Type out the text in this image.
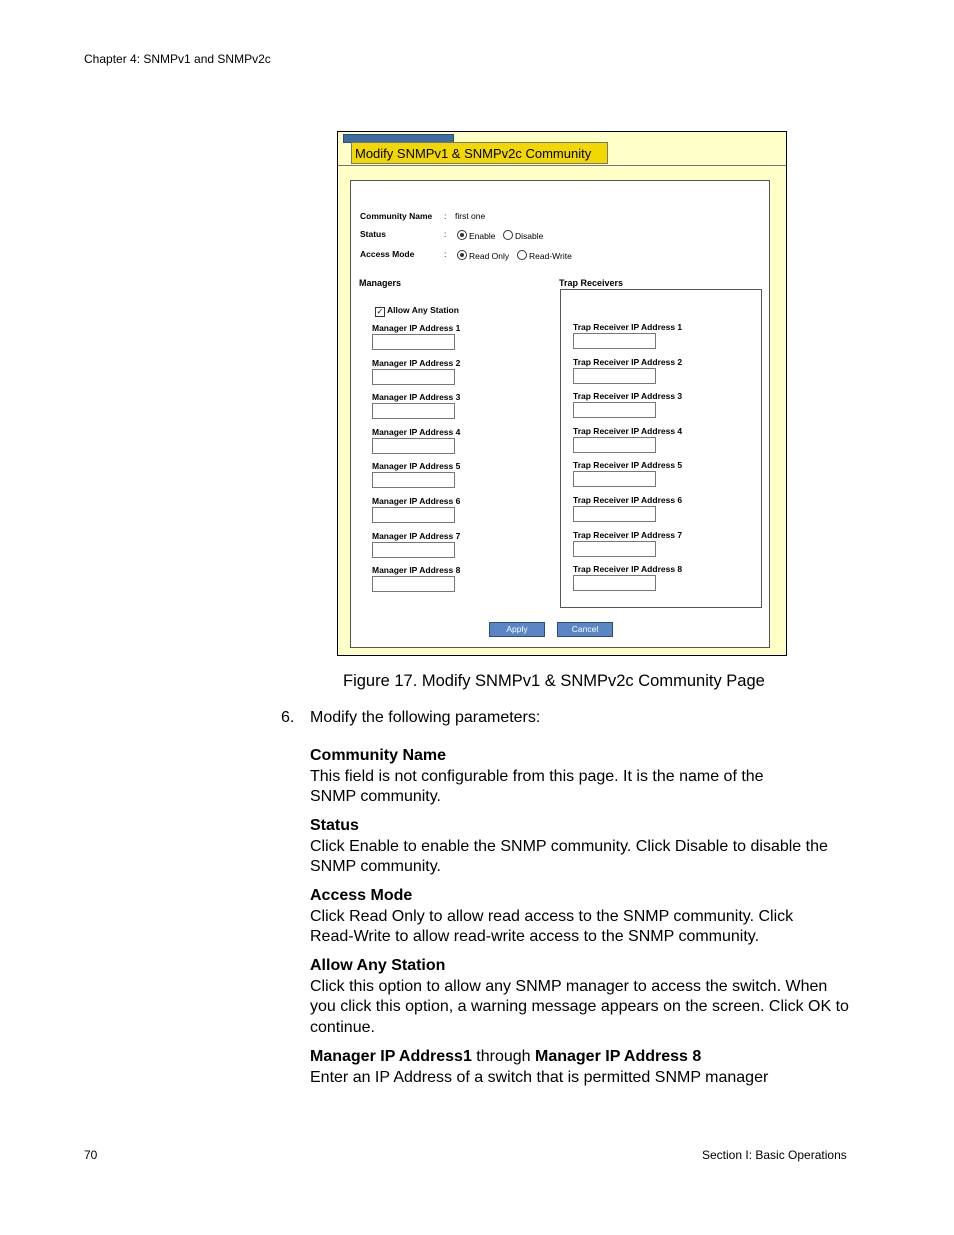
Chapter 4: SNMPv1 and SNMPv2c
Modify SNMPv1 & SNMPv2c Community
Community Name : first one
Status	:	Enable	Disable
Access Mode	:	Read Only	Read-Write
Managers	Trap Receivers
✓ Allow Any Station
Manager IP Address 1
Manager IP Address 2
Manager IP Address 3
Manager IP Address 4
Manager IP Address 5
Manager IP Address 6
Manager IP Address 7
Manager IP Address 8
Trap Receiver IP Address 1
Trap Receiver IP Address 2
Trap Receiver IP Address 3
Trap Receiver IP Address 4
Trap Receiver IP Address 5
Trap Receiver IP Address 6
Trap Receiver IP Address 7
Trap Receiver IP Address 8
Apply	Cancel
Figure 17. Modify SNMPv1 & SNMPv2c Community Page
6. Modify the following parameters:
Community Name
This field is not configurable from this page. It is the name of the SNMP community.
Status
Click Enable to enable the SNMP community. Click Disable to disable the SNMP community.
Access Mode
Click Read Only to allow read access to the SNMP community. Click Read-Write to allow read-write access to the SNMP community.
Allow Any Station
Click this option to allow any SNMP manager to access the switch. When you click this option, a warning message appears on the screen. Click OK to continue.
Manager IP Address1 through Manager IP Address 8
Enter an IP Address of a switch that is permitted SNMP manager
70	Section I: Basic Operations
